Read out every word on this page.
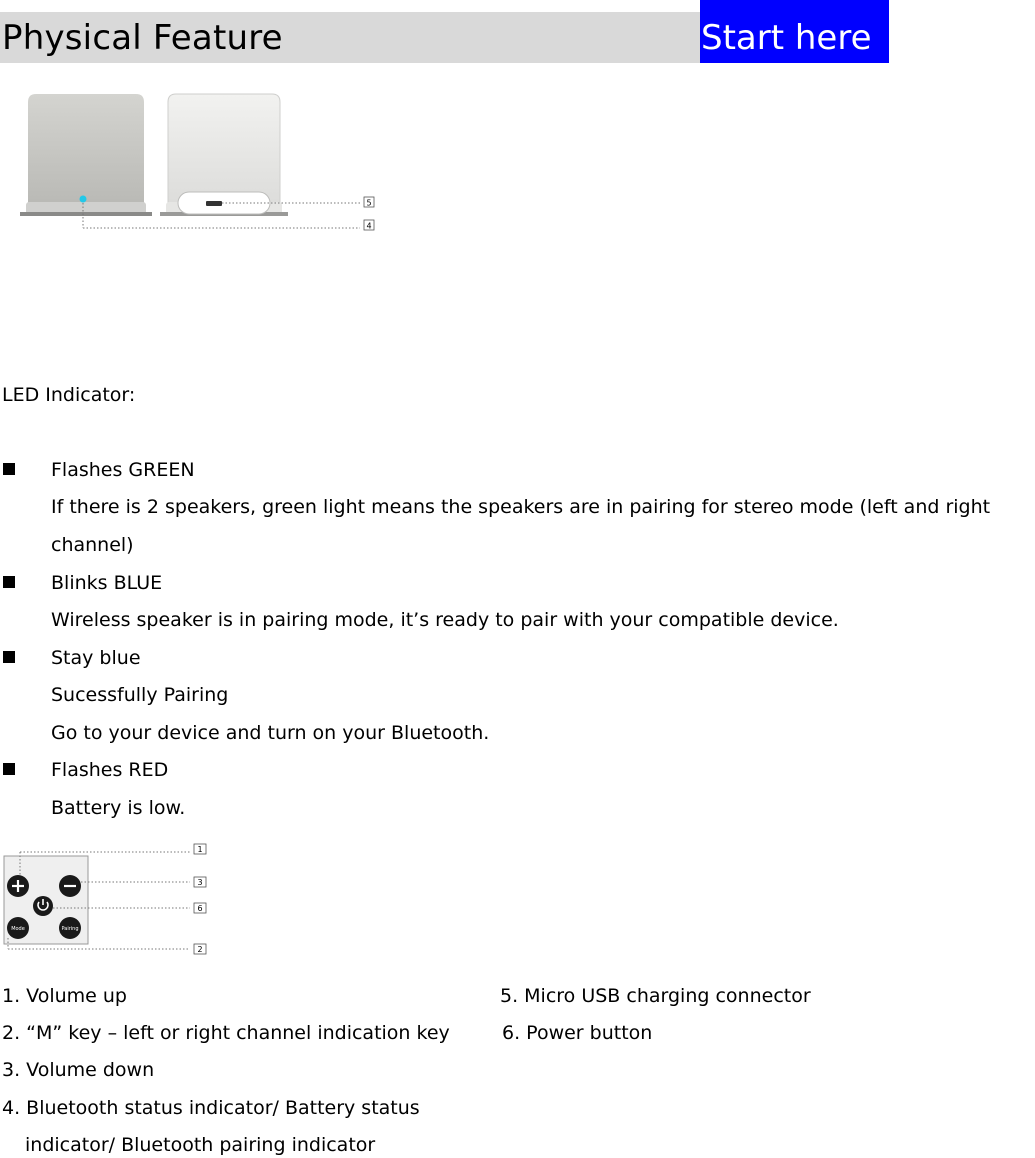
Physical Feature	Start here
5
4
LED Indicator:
Flashes GREEN
If there is 2 speakers, green light means the speakers are in pairing for stereo mode (left and right
channel)
Blinks BLUE
Wireless speaker is in pairing mode, it’s ready to pair with your compatible device.
Stay blue
Sucessfully Pairing
Go to your device and turn on your Bluetooth.
Flashes RED
Battery is low.
Mode	Pairing
1
3
6
2
1. Volume up
2. “M” key – left or right channel indication key
3. Volume down
4. Bluetooth status indicator/ Battery status
indicator/ Bluetooth pairing indicator
5. Micro USB charging connector
6. Power button
